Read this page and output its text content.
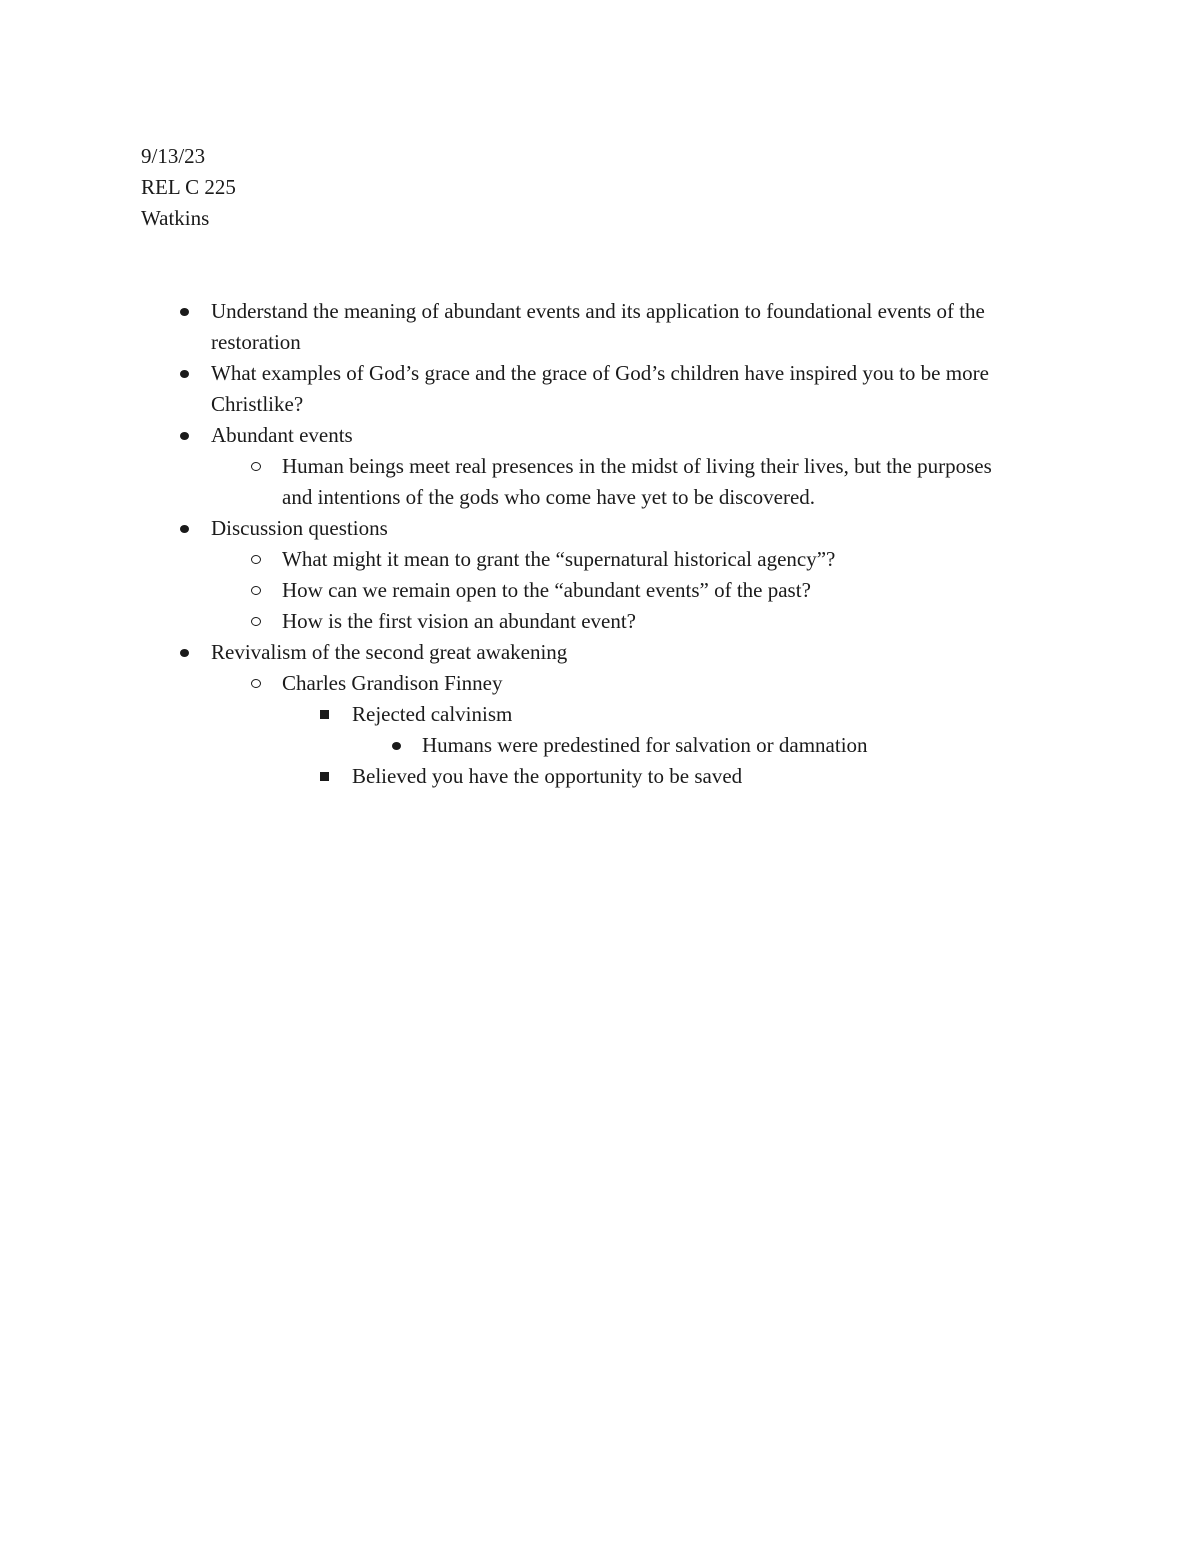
9/13/23
REL C 225
Watkins
Understand the meaning of abundant events and its application to foundational events of the restoration
What examples of God’s grace and the grace of God’s children have inspired you to be more Christlike?
Abundant events
Human beings meet real presences in the midst of living their lives, but the purposes and intentions of the gods who come have yet to be discovered.
Discussion questions
What might it mean to grant the “supernatural historical agency”?
How can we remain open to the “abundant events” of the past?
How is the first vision an abundant event?
Revivalism of the second great awakening
Charles Grandison Finney
Rejected calvinism
Humans were predestined for salvation or damnation
Believed you have the opportunity to be saved
